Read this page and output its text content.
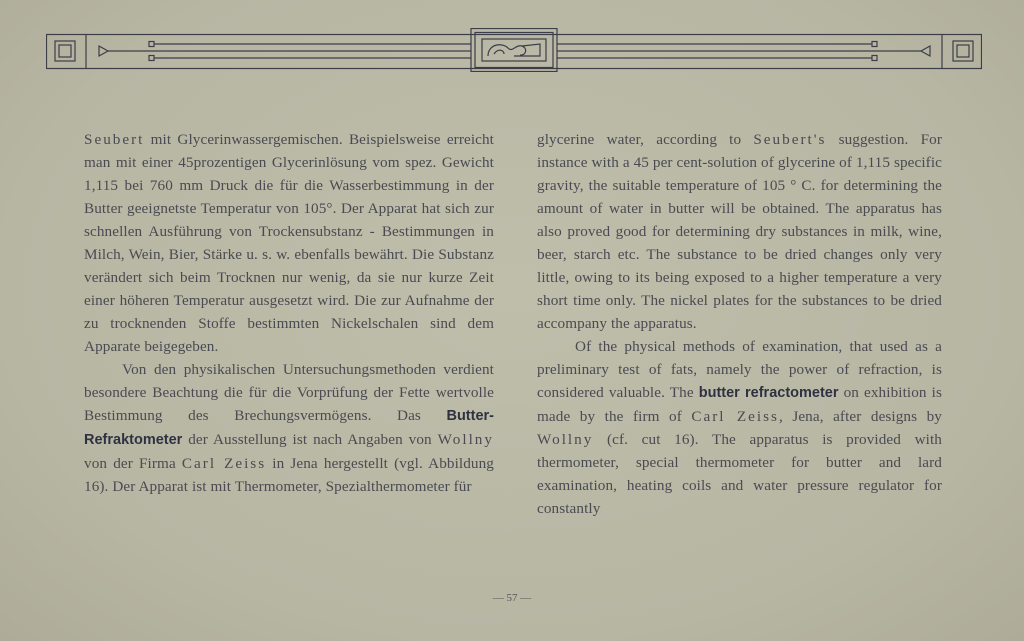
Seubert mit Glycerinwassergemischen. Beispielsweise erreicht man mit einer 45prozentigen Glycerinlösung vom spez. Gewicht 1,115 bei 760 mm Druck die für die Wasserbestimmung in der Butter geeignetste Temperatur von 105°. Der Apparat hat sich zur schnellen Ausführung von Trockensubstanz - Bestimmungen in Milch, Wein, Bier, Stärke u. s. w. ebenfalls bewährt. Die Substanz verändert sich beim Trocknen nur wenig, da sie nur kurze Zeit einer höheren Temperatur ausgesetzt wird. Die zur Aufnahme der zu trocknenden Stoffe bestimmten Nickelschalen sind dem Apparate beigegeben.

Von den physikalischen Untersuchungsmethoden verdient besondere Beachtung die für die Vorprüfung der Fette wertvolle Bestimmung des Brechungsvermögens. Das Butter-Refraktometer der Ausstellung ist nach Angaben von Wollny von der Firma Carl Zeiss in Jena hergestellt (vgl. Abbildung 16). Der Apparat ist mit Thermometer, Spezialthermometer für

glycerine water, according to Seubert's suggestion. For instance with a 45 per cent-solution of glycerine of 1,115 specific gravity, the suitable temperature of 105 ° C. for determining the amount of water in butter will be obtained. The apparatus has also proved good for determining dry substances in milk, wine, beer, starch etc. The substance to be dried changes only very little, owing to its being exposed to a higher temperature a very short time only. The nickel plates for the substances to be dried accompany the apparatus.

Of the physical methods of examination, that used as a preliminary test of fats, namely the power of refraction, is considered valuable. The butter refractometer on exhibition is made by the firm of Carl Zeiss, Jena, after designs by Wollny (cf. cut 16). The apparatus is provided with thermometer, special thermometer for butter and lard examination, heating coils and water pressure regulator for constantly

— 57 —
